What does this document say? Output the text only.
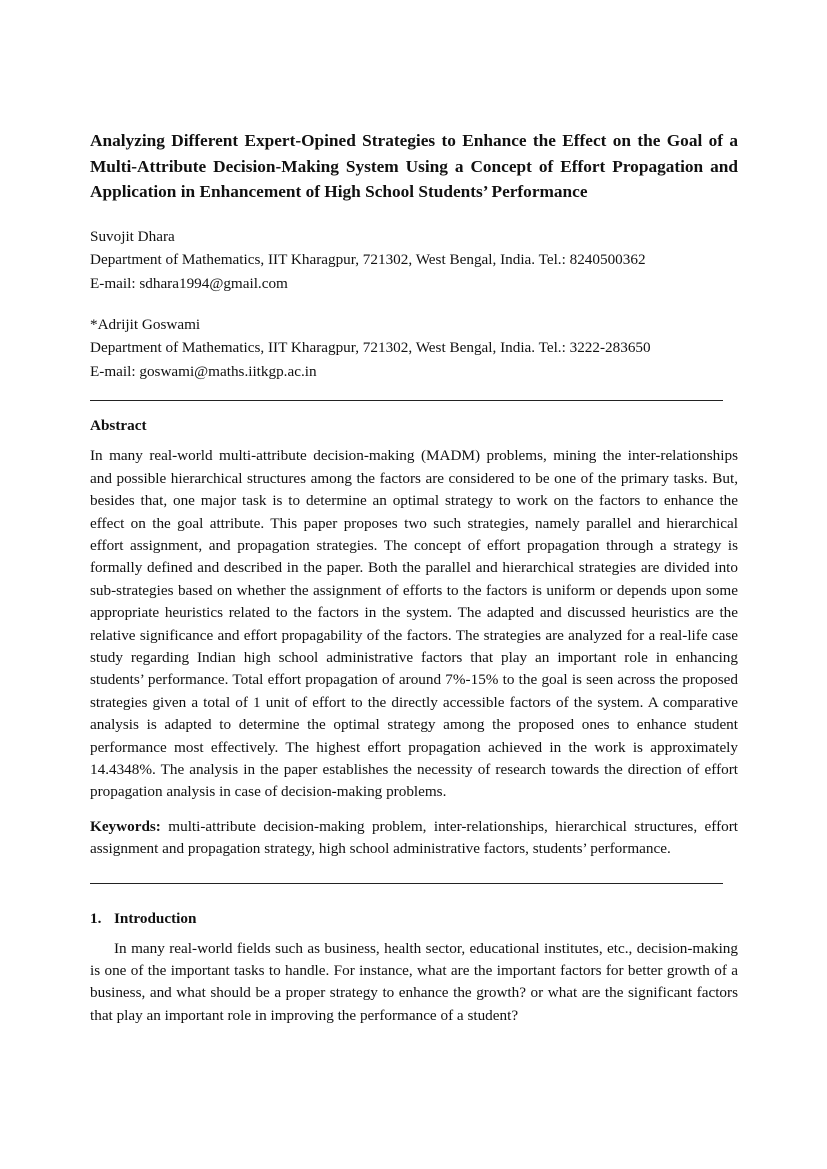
Analyzing Different Expert-Opined Strategies to Enhance the Effect on the Goal of a Multi-Attribute Decision-Making System Using a Concept of Effort Propagation and Application in Enhancement of High School Students’ Performance
Suvojit Dhara
Department of Mathematics, IIT Kharagpur, 721302, West Bengal, India. Tel.: 8240500362
E-mail: sdhara1994@gmail.com
*Adrijit Goswami
Department of Mathematics, IIT Kharagpur, 721302, West Bengal, India. Tel.: 3222-283650
E-mail: goswami@maths.iitkgp.ac.in
Abstract

In many real-world multi-attribute decision-making (MADM) problems, mining the inter-relationships and possible hierarchical structures among the factors are considered to be one of the primary tasks. But, besides that, one major task is to determine an optimal strategy to work on the factors to enhance the effect on the goal attribute. This paper proposes two such strategies, namely parallel and hierarchical effort assignment, and propagation strategies. The concept of effort propagation through a strategy is formally defined and described in the paper. Both the parallel and hierarchical strategies are divided into sub-strategies based on whether the assignment of efforts to the factors is uniform or depends upon some appropriate heuristics related to the factors in the system. The adapted and discussed heuristics are the relative significance and effort propagability of the factors. The strategies are analyzed for a real-life case study regarding Indian high school administrative factors that play an important role in enhancing students’ performance. Total effort propagation of around 7%-15% to the goal is seen across the proposed strategies given a total of 1 unit of effort to the directly accessible factors of the system. A comparative analysis is adapted to determine the optimal strategy among the proposed ones to enhance student performance most effectively. The highest effort propagation achieved in the work is approximately 14.4348%. The analysis in the paper establishes the necessity of research towards the direction of effort propagation analysis in case of decision-making problems.

Keywords: multi-attribute decision-making problem, inter-relationships, hierarchical structures, effort assignment and propagation strategy, high school administrative factors, students’ performance.

1. Introduction

In many real-world fields such as business, health sector, educational institutes, etc., decision-making is one of the important tasks to handle. For instance, what are the important factors for better growth of a business, and what should be a proper strategy to enhance the growth? or what are the significant factors that play an important role in improving the performance of a student?
